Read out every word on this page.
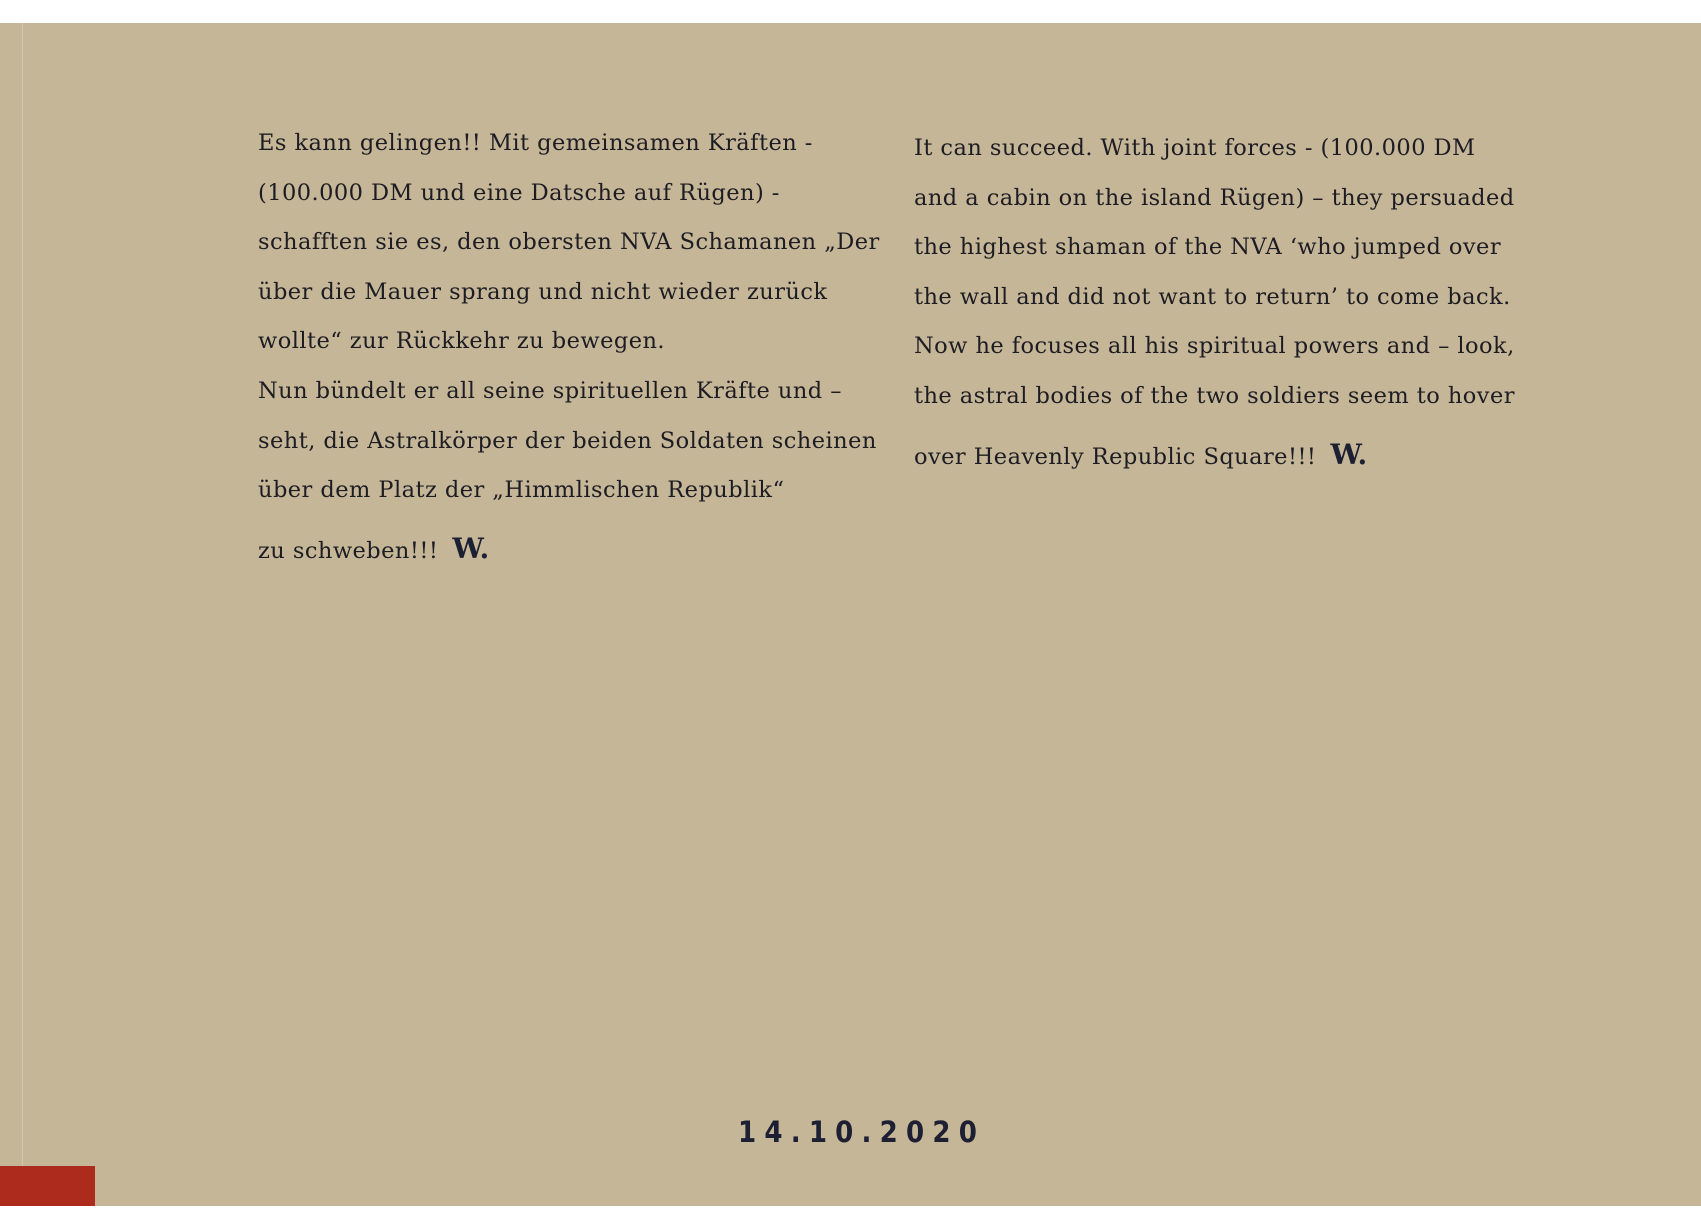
Es kann gelingen!! Mit gemeinsamen Kräften -
(100.000 DM und eine Datsche auf Rügen) -
schafften sie es, den obersten NVA Schamanen „Der
über die Mauer sprang und nicht wieder zurück
wollte“ zur Rückkehr zu bewegen.
Nun bündelt er all seine spirituellen Kräfte und –
seht, die Astralkörper der beiden Soldaten scheinen
über dem Platz der „Himmlischen Republik“
zu schweben!!! W.
It can succeed. With joint forces - (100.000 DM
and a cabin on the island Rügen) – they persuaded
the highest shaman of the NVA ‘who jumped over
the wall and did not want to return’ to come back.
Now he focuses all his spiritual powers and – look,
the astral bodies of the two soldiers seem to hover
over Heavenly Republic Square!!! W.
14.10.2020
